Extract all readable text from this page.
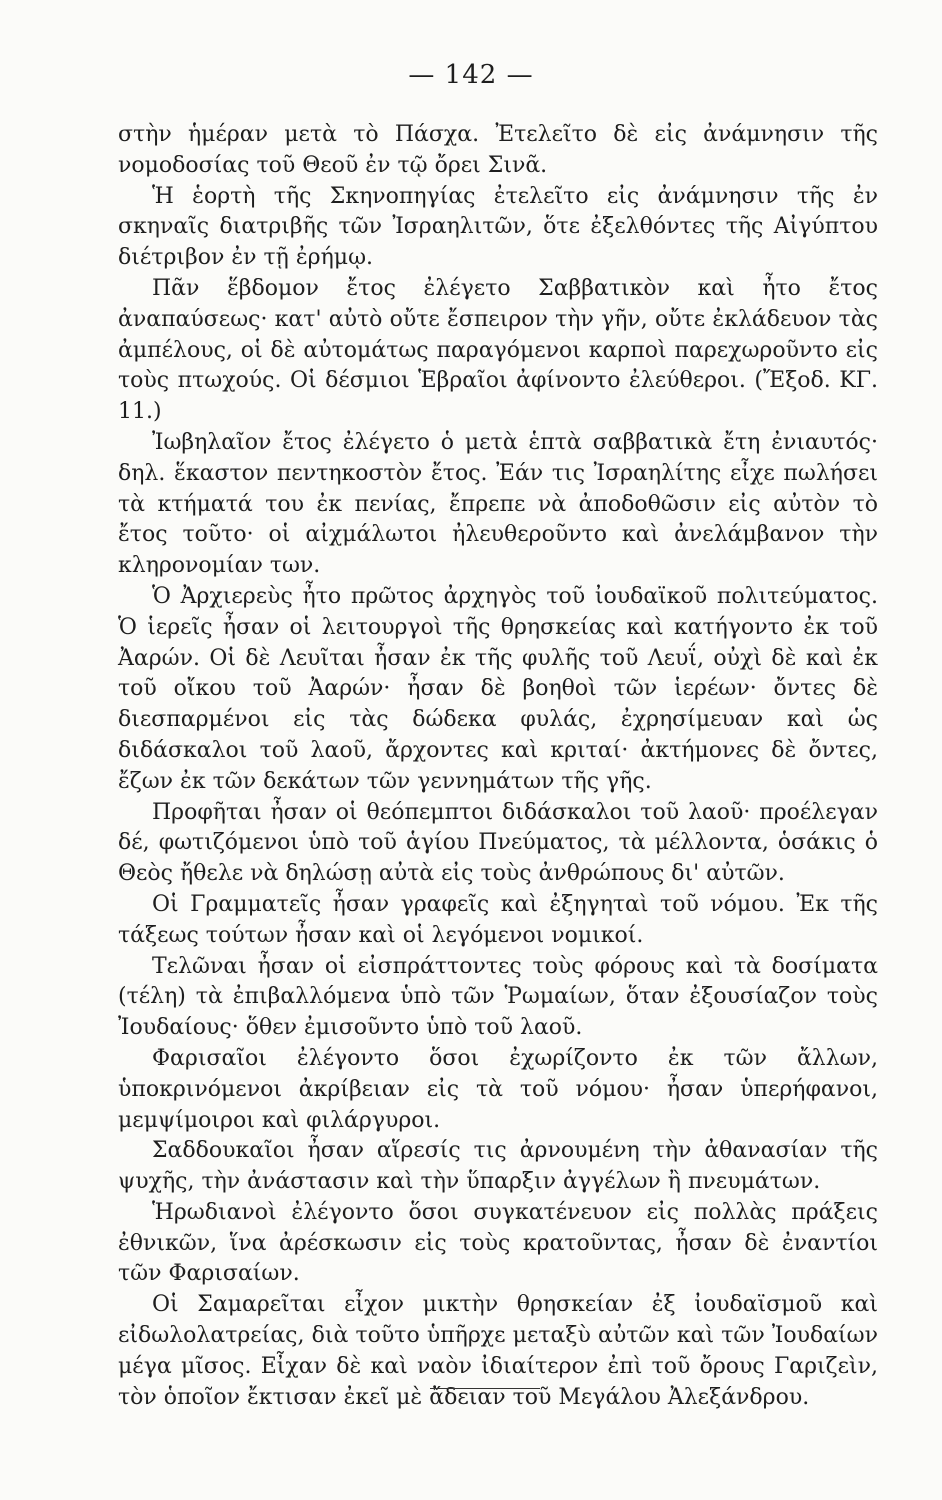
— 142 —

στὴν ἡμέραν μετὰ τὸ Πάσχα. Ἐτελεῖτο δὲ εἰς ἀνάμνησιν τῆς νομοδοσίας τοῦ Θεοῦ ἐν τῷ ὄρει Σινᾶ.

Ἡ ἑορτὴ τῆς Σκηνοπηγίας ἐτελεῖτο εἰς ἀνάμνησιν τῆς ἐν σκηναῖς διατριβῆς τῶν Ἰσραηλιτῶν, ὅτε ἐξελθόντες τῆς Αἰγύπτου διέτριβον ἐν τῇ ἐρήμῳ.

Πᾶν ἕβδομον ἔτος ἐλέγετο Σαββατικὸν καὶ ἦτο ἔτος ἀναπαύσεως· κατ' αὐτὸ οὔτε ἔσπειρον τὴν γῆν, οὔτε ἐκλάδευον τὰς ἀμπέλους, οἱ δὲ αὐτομάτως παραγόμενοι καρποὶ παρεχωροῦντο εἰς τοὺς πτωχούς. Οἱ δέσμιοι Ἑβραῖοι ἀφίνοντο ἐλεύθεροι. (Ἔξοδ. ΚΓ. 11.)

Ἰωβηλαῖον ἔτος ἐλέγετο ὁ μετὰ ἑπτὰ σαββατικὰ ἔτη ἐνιαυτός· δηλ. ἕκαστον πεντηκοστὸν ἔτος. Ἐάν τις Ἰσραηλίτης εἶχε πωλήσει τὰ κτήματά του ἐκ πενίας, ἔπρεπε νὰ ἀποδοθῶσιν εἰς αὐτὸν τὸ ἔτος τοῦτο· οἱ αἰχμάλωτοι ἠλευθεροῦντο καὶ ἀνελάμβανον τὴν κληρονομίαν των.

Ὁ Ἀρχιερεὺς ἦτο πρῶτος ἀρχηγὸς τοῦ ἰουδαϊκοῦ πολιτεύματος. Ὁ ἱερεῖς ἦσαν οἱ λειτουργοὶ τῆς θρησκείας καὶ κατήγοντο ἐκ τοῦ Ἀαρών. Οἱ δὲ Λευῖται ἦσαν ἐκ τῆς φυλῆς τοῦ Λευΐ, οὐχὶ δὲ καὶ ἐκ τοῦ οἴκου τοῦ Ἀαρών· ἦσαν δὲ βοηθοὶ τῶν ἱερέων· ὄντες δὲ διεσπαρμένοι εἰς τὰς δώδεκα φυλάς, ἐχρησίμευαν καὶ ὡς διδάσκαλοι τοῦ λαοῦ, ἄρχοντες καὶ κριταί· ἀκτήμονες δὲ ὄντες, ἔζων ἐκ τῶν δεκάτων τῶν γεννημάτων τῆς γῆς.

Προφῆται ἦσαν οἱ θεόπεμπτοι διδάσκαλοι τοῦ λαοῦ· προέλεγαν δέ, φωτιζόμενοι ὑπὸ τοῦ ἁγίου Πνεύματος, τὰ μέλλοντα, ὁσάκις ὁ Θεὸς ἤθελε νὰ δηλώσῃ αὐτὰ εἰς τοὺς ἀνθρώπους δι' αὐτῶν.

Οἱ Γραμματεῖς ἦσαν γραφεῖς καὶ ἐξηγηταὶ τοῦ νόμου. Ἐκ τῆς τάξεως τούτων ἦσαν καὶ οἱ λεγόμενοι νομικοί.

Τελῶναι ἦσαν οἱ εἰσπράττοντες τοὺς φόρους καὶ τὰ δοσίματα (τέλη) τὰ ἐπιβαλλόμενα ὑπὸ τῶν Ῥωμαίων, ὅταν ἐξουσίαζον τοὺς Ἰουδαίους· ὅθεν ἐμισοῦντο ὑπὸ τοῦ λαοῦ.

Φαρισαῖοι ἐλέγοντο ὅσοι ἐχωρίζοντο ἐκ τῶν ἄλλων, ὑποκρινόμενοι ἀκρίβειαν εἰς τὰ τοῦ νόμου· ἦσαν ὑπερήφανοι, μεμψίμοιροι καὶ φιλάργυροι.

Σαδδουκαῖοι ἦσαν αἵρεσίς τις ἀρνουμένη τὴν ἀθανασίαν τῆς ψυχῆς, τὴν ἀνάστασιν καὶ τὴν ὕπαρξιν ἀγγέλων ἢ πνευμάτων.

Ἡρωδιανοὶ ἐλέγοντο ὅσοι συγκατένευον εἰς πολλὰς πράξεις ἐθνικῶν, ἵνα ἀρέσκωσιν εἰς τοὺς κρατοῦντας, ἦσαν δὲ ἐναντίοι τῶν Φαρισαίων.

Οἱ Σαμαρεῖται εἶχον μικτὴν θρησκείαν ἐξ ἰουδαϊσμοῦ καὶ εἰδωλολατρείας, διὰ τοῦτο ὑπῆρχε μεταξὺ αὐτῶν καὶ τῶν Ἰουδαίων μέγα μῖσος. Εἶχαν δὲ καὶ ναὸν ἰδιαίτερον ἐπὶ τοῦ ὄρους Γαριζεὶν, τὸν ὁποῖον ἔκτισαν ἐκεῖ μὲ ἄδειαν τοῦ Μεγάλου Ἀλεξάνδρου.
